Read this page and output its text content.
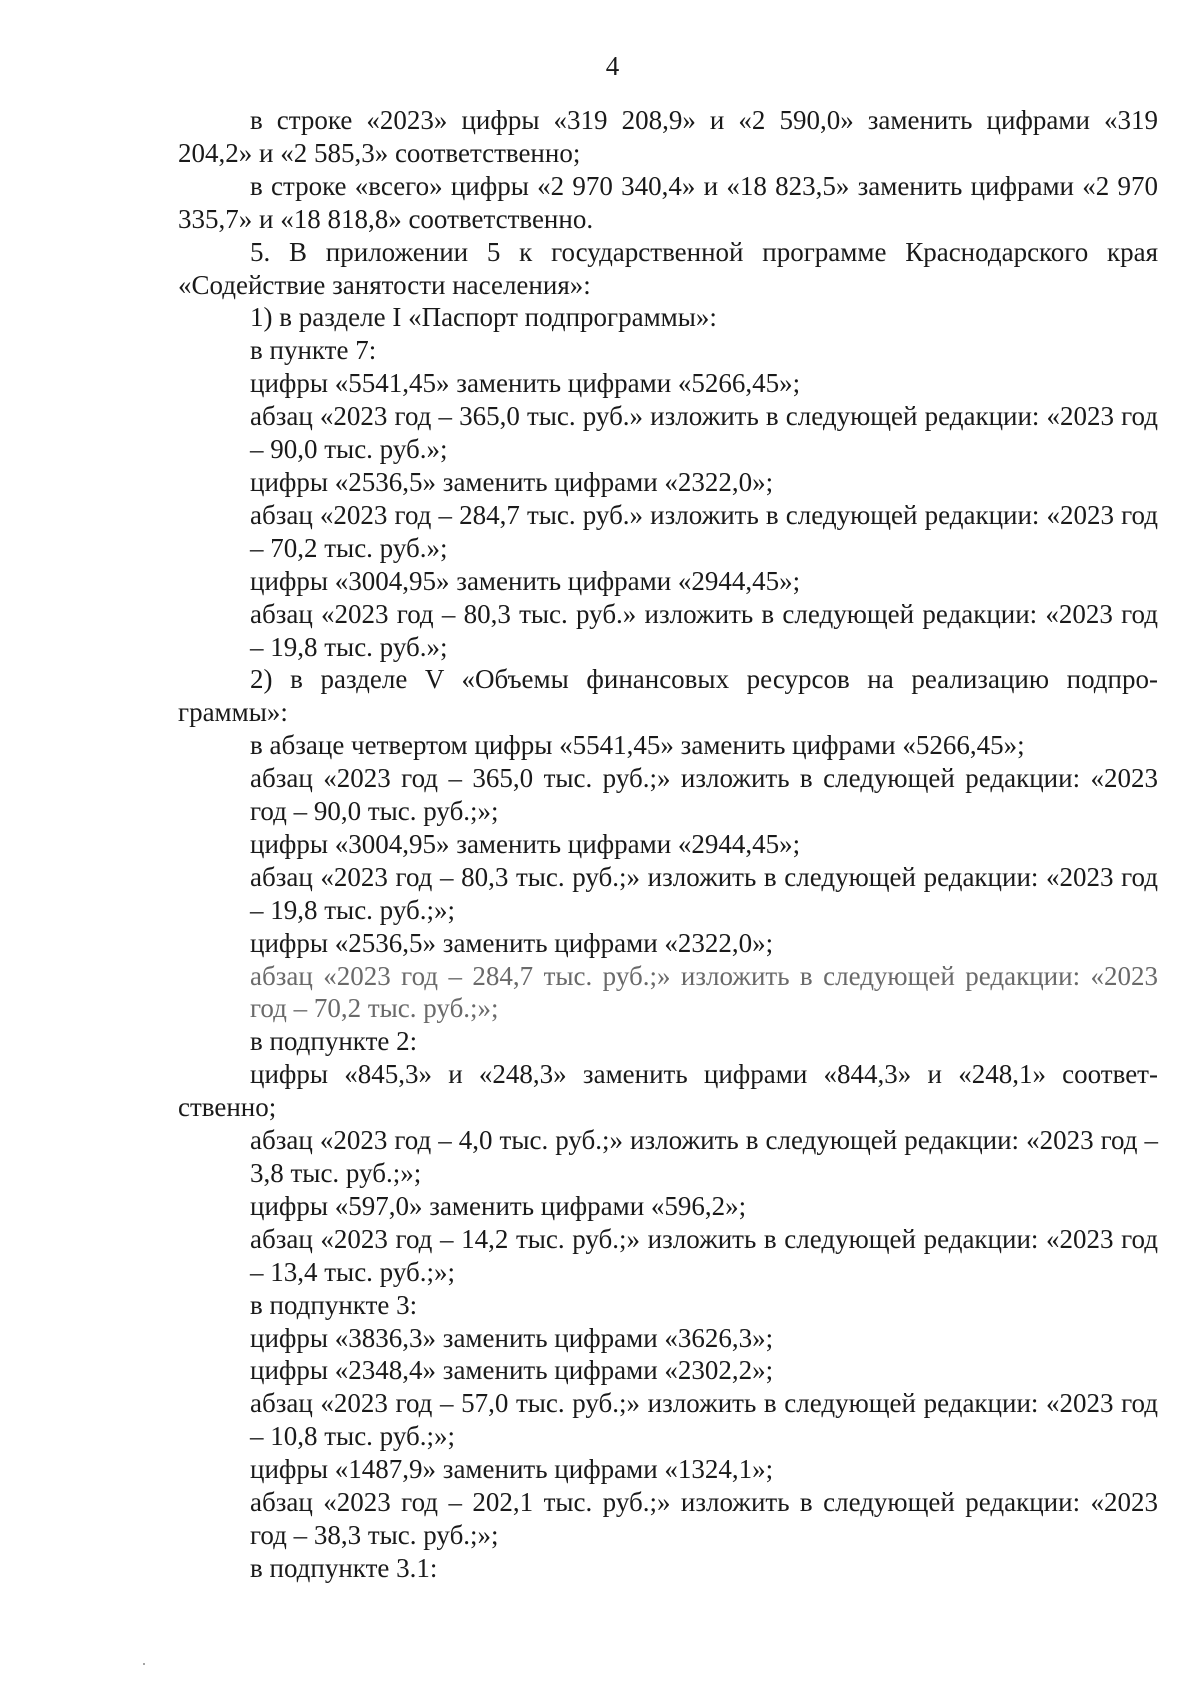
4

в строке «2023» цифры «319 208,9» и «2 590,0» заменить цифрами «319 204,2» и «2 585,3» соответственно;

в строке «всего» цифры «2 970 340,4» и «18 823,5» заменить цифрами «2 970 335,7» и «18 818,8» соответственно.

5. В приложении 5 к государственной программе Краснодарского края «Содействие занятости населения»:

1) в разделе I «Паспорт подпрограммы»:

в пункте 7:

цифры «5541,45» заменить цифрами «5266,45»;

абзац «2023 год – 365,0 тыс. руб.» изложить в следующей редакции: «2023 год – 90,0 тыс. руб.»;

цифры «2536,5» заменить цифрами «2322,0»;

абзац «2023 год – 284,7 тыс. руб.» изложить в следующей редакции: «2023 год – 70,2 тыс. руб.»;

цифры «3004,95» заменить цифрами «2944,45»;

абзац «2023 год – 80,3 тыс. руб.» изложить в следующей редакции: «2023 год – 19,8 тыс. руб.»;

2) в разделе V «Объемы финансовых ресурсов на реализацию подпрограммы»:

в абзаце четвертом цифры «5541,45» заменить цифрами «5266,45»;

абзац «2023 год – 365,0 тыс. руб.;» изложить в следующей редакции: «2023 год – 90,0 тыс. руб.;»;

цифры «3004,95» заменить цифрами «2944,45»;

абзац «2023 год – 80,3 тыс. руб.;» изложить в следующей редакции: «2023 год – 19,8 тыс. руб.;»;

цифры «2536,5» заменить цифрами «2322,0»;

абзац «2023 год – 284,7 тыс. руб.;» изложить в следующей редакции: «2023 год – 70,2 тыс. руб.;»;

в подпункте 2:

цифры «845,3» и «248,3» заменить цифрами «844,3» и «248,1» соответственно;

абзац «2023 год – 4,0 тыс. руб.;» изложить в следующей редакции: «2023 год – 3,8 тыс. руб.;»;

цифры «597,0» заменить цифрами «596,2»;

абзац «2023 год – 14,2 тыс. руб.;» изложить в следующей редакции: «2023 год – 13,4 тыс. руб.;»;

в подпункте 3:

цифры «3836,3» заменить цифрами «3626,3»;

цифры «2348,4» заменить цифрами «2302,2»;

абзац «2023 год – 57,0 тыс. руб.;» изложить в следующей редакции: «2023 год – 10,8 тыс. руб.;»;

цифры «1487,9» заменить цифрами «1324,1»;

абзац «2023 год – 202,1 тыс. руб.;» изложить в следующей редакции: «2023 год – 38,3 тыс. руб.;»;

в подпункте 3.1:
